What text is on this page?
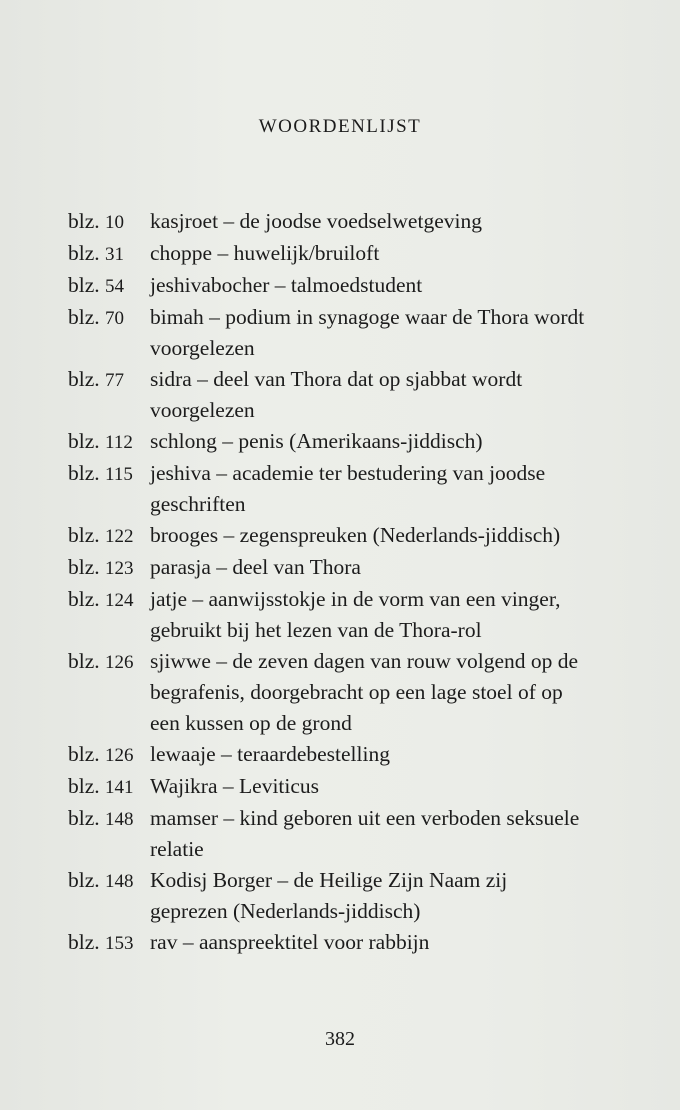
WOORDENLIJST
blz. 10	kasjroet – de joodse voedselwetgeving
blz. 31	choppe – huwelijk/bruiloft
blz. 54	jeshivabocher – talmoedstudent
blz. 70	bimah – podium in synagoge waar de Thora wordt voorgelezen
blz. 77	sidra – deel van Thora dat op sjabbat wordt voorgelezen
blz. 112 schlong – penis (Amerikaans-jiddisch)
blz. 115 jeshiva – academie ter bestudering van joodse geschriften
blz. 122 brooges – zegenspreuken (Nederlands-jiddisch)
blz. 123 parasja – deel van Thora
blz. 124 jatje – aanwijsstokje in de vorm van een vinger, gebruikt bij het lezen van de Thora-rol
blz. 126 sjiwwe – de zeven dagen van rouw volgend op de begrafenis, doorgebracht op een lage stoel of op een kussen op de grond
blz. 126 lewaaje – teraardebestelling
blz. 141 Wajikra – Leviticus
blz. 148 mamser – kind geboren uit een verboden seksuele relatie
blz. 148 Kodisj Borger – de Heilige Zijn Naam zij geprezen (Nederlands-jiddisch)
blz. 153 rav – aanspreektitel voor rabbijn
382
